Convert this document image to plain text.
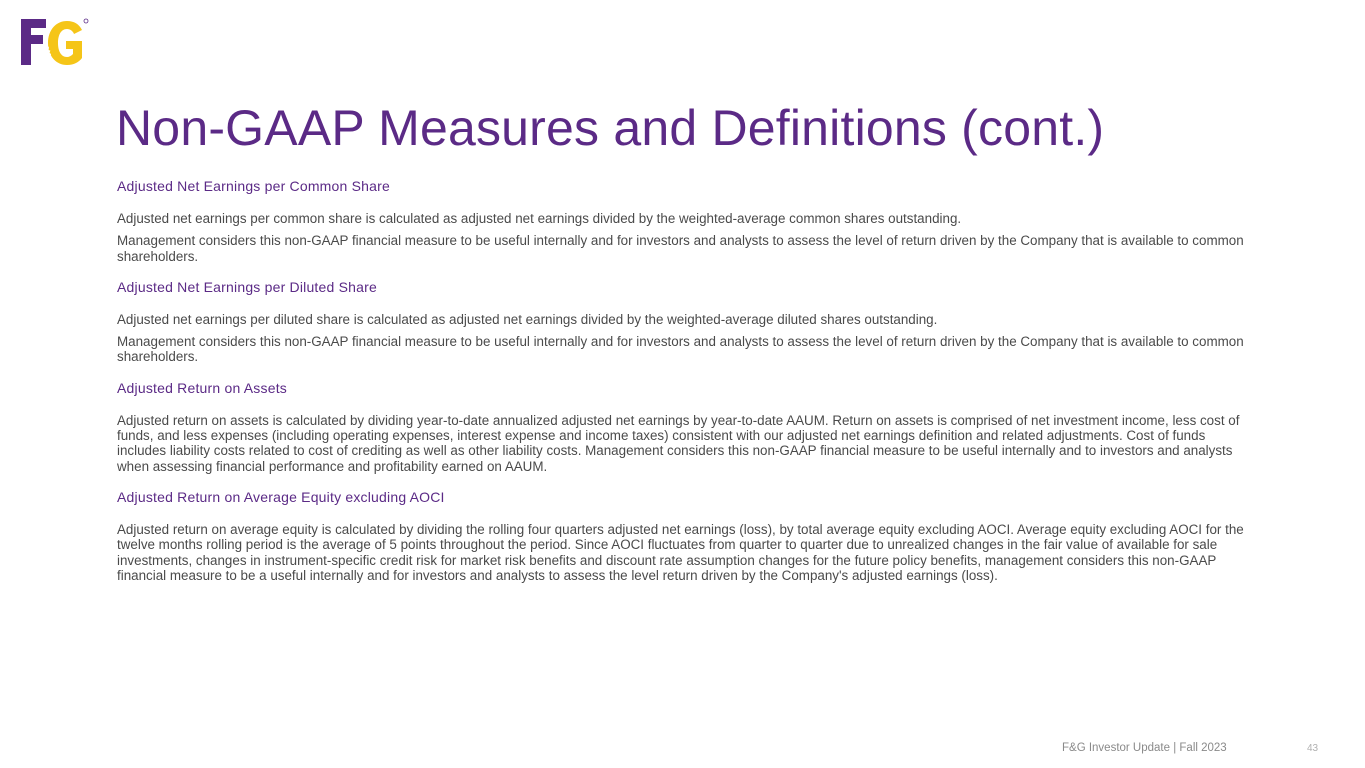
&
Non-GAAP Measures and Definitions (cont.)
Adjusted Net Earnings per Common Share

Adjusted net earnings per common share is calculated as adjusted net earnings divided by the weighted-average common shares outstanding.

Management considers this non-GAAP financial measure to be useful internally and for investors and analysts to assess the level of return driven by the Company that is available to common shareholders.

Adjusted Net Earnings per Diluted Share

Adjusted net earnings per diluted share is calculated as adjusted net earnings divided by the weighted-average diluted shares outstanding.

Management considers this non-GAAP financial measure to be useful internally and for investors and analysts to assess the level of return driven by the Company that is available to common shareholders.

Adjusted Return on Assets

Adjusted return on assets is calculated by dividing year-to-date annualized adjusted net earnings by year-to-date AAUM. Return on assets is comprised of net investment income, less cost of funds, and less expenses (including operating expenses, interest expense and income taxes) consistent with our adjusted net earnings definition and related adjustments. Cost of funds includes liability costs related to cost of crediting as well as other liability costs. Management considers this non-GAAP financial measure to be useful internally and to investors and analysts when assessing financial performance and profitability earned on AAUM.

Adjusted Return on Average Equity excluding AOCI

Adjusted return on average equity is calculated by dividing the rolling four quarters adjusted net earnings (loss), by total average equity excluding AOCI. Average equity excluding AOCI for the twelve months rolling period is the average of 5 points throughout the period. Since AOCI fluctuates from quarter to quarter due to unrealized changes in the fair value of available for sale investments, changes in instrument-specific credit risk for market risk benefits and discount rate assumption changes for the future policy benefits, management considers this non-GAAP financial measure to be a useful internally and for investors and analysts to assess the level return driven by the Company's adjusted earnings (loss).

F&G Investor Update | Fall 2023	43
